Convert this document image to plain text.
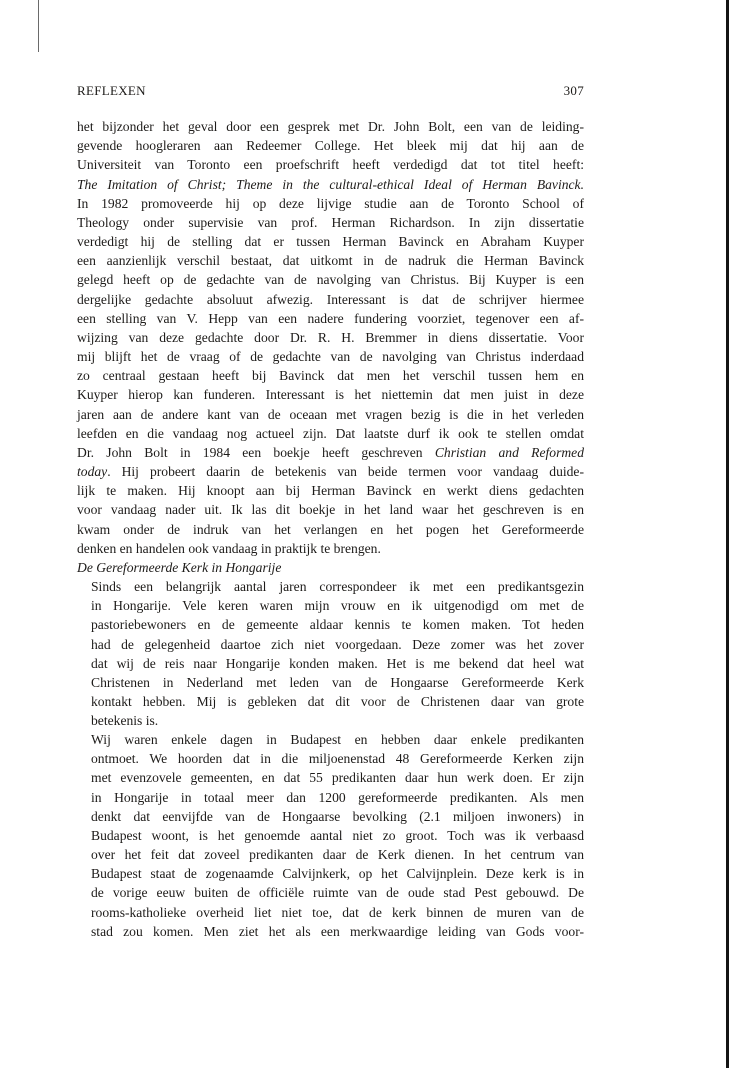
REFLEXEN	307

het bijzonder het geval door een gesprek met Dr. John Bolt, een van de leiding-
gevende hoogleraren aan Redeemer College. Het bleek mij dat hij aan de
Universiteit van Toronto een proefschrift heeft verdedigd dat tot titel heeft:
The Imitation of Christ; Theme in the cultural-ethical Ideal of Herman Bavinck.
In 1982 promoveerde hij op deze lijvige studie aan de Toronto School of
Theology onder supervisie van prof. Herman Richardson. In zijn dissertatie
verdedigt hij de stelling dat er tussen Herman Bavinck en Abraham Kuyper
een aanzienlijk verschil bestaat, dat uitkomt in de nadruk die Herman Bavinck
gelegd heeft op de gedachte van de navolging van Christus. Bij Kuyper is een
dergelijke gedachte absoluut afwezig. Interessant is dat de schrijver hiermee
een stelling van V. Hepp van een nadere fundering voorziet, tegenover een af-
wijzing van deze gedachte door Dr. R. H. Bremmer in diens dissertatie. Voor
mij blijft het de vraag of de gedachte van de navolging van Christus inderdaad
zo centraal gestaan heeft bij Bavinck dat men het verschil tussen hem en
Kuyper hierop kan funderen. Interessant is het niettemin dat men juist in deze
jaren aan de andere kant van de oceaan met vragen bezig is die in het verleden
leefden en die vandaag nog actueel zijn. Dat laatste durf ik ook te stellen omdat
Dr. John Bolt in 1984 een boekje heeft geschreven Christian and Reformed
today. Hij probeert daarin de betekenis van beide termen voor vandaag duide-
lijk te maken. Hij knoopt aan bij Herman Bavinck en werkt diens gedachten
voor vandaag nader uit. Ik las dit boekje in het land waar het geschreven is en
kwam onder de indruk van het verlangen en het pogen het Gereformeerde
denken en handelen ook vandaag in praktijk te brengen.

De Gereformeerde Kerk in Hongarije

Sinds een belangrijk aantal jaren correspondeer ik met een predikantsgezin
in Hongarije. Vele keren waren mijn vrouw en ik uitgenodigd om met de
pastoriebewoners en de gemeente aldaar kennis te komen maken. Tot heden
had de gelegenheid daartoe zich niet voorgedaan. Deze zomer was het zover
dat wij de reis naar Hongarije konden maken. Het is me bekend dat heel wat
Christenen in Nederland met leden van de Hongaarse Gereformeerde Kerk
kontakt hebben. Mij is gebleken dat dit voor de Christenen daar van grote
betekenis is.

Wij waren enkele dagen in Budapest en hebben daar enkele predikanten
ontmoet. We hoorden dat in die miljoenenstad 48 Gereformeerde Kerken zijn
met evenzovele gemeenten, en dat 55 predikanten daar hun werk doen. Er zijn
in Hongarije in totaal meer dan 1200 gereformeerde predikanten. Als men
denkt dat eenvijfde van de Hongaarse bevolking (2.1 miljoen inwoners) in
Budapest woont, is het genoemde aantal niet zo groot. Toch was ik verbaasd
over het feit dat zoveel predikanten daar de Kerk dienen. In het centrum van
Budapest staat de zogenaamde Calvijnkerk, op het Calvijnplein. Deze kerk is in
de vorige eeuw buiten de officiële ruimte van de oude stad Pest gebouwd. De
rooms-katholieke overheid liet niet toe, dat de kerk binnen de muren van de
stad zou komen. Men ziet het als een merkwaardige leiding van Gods voor-
